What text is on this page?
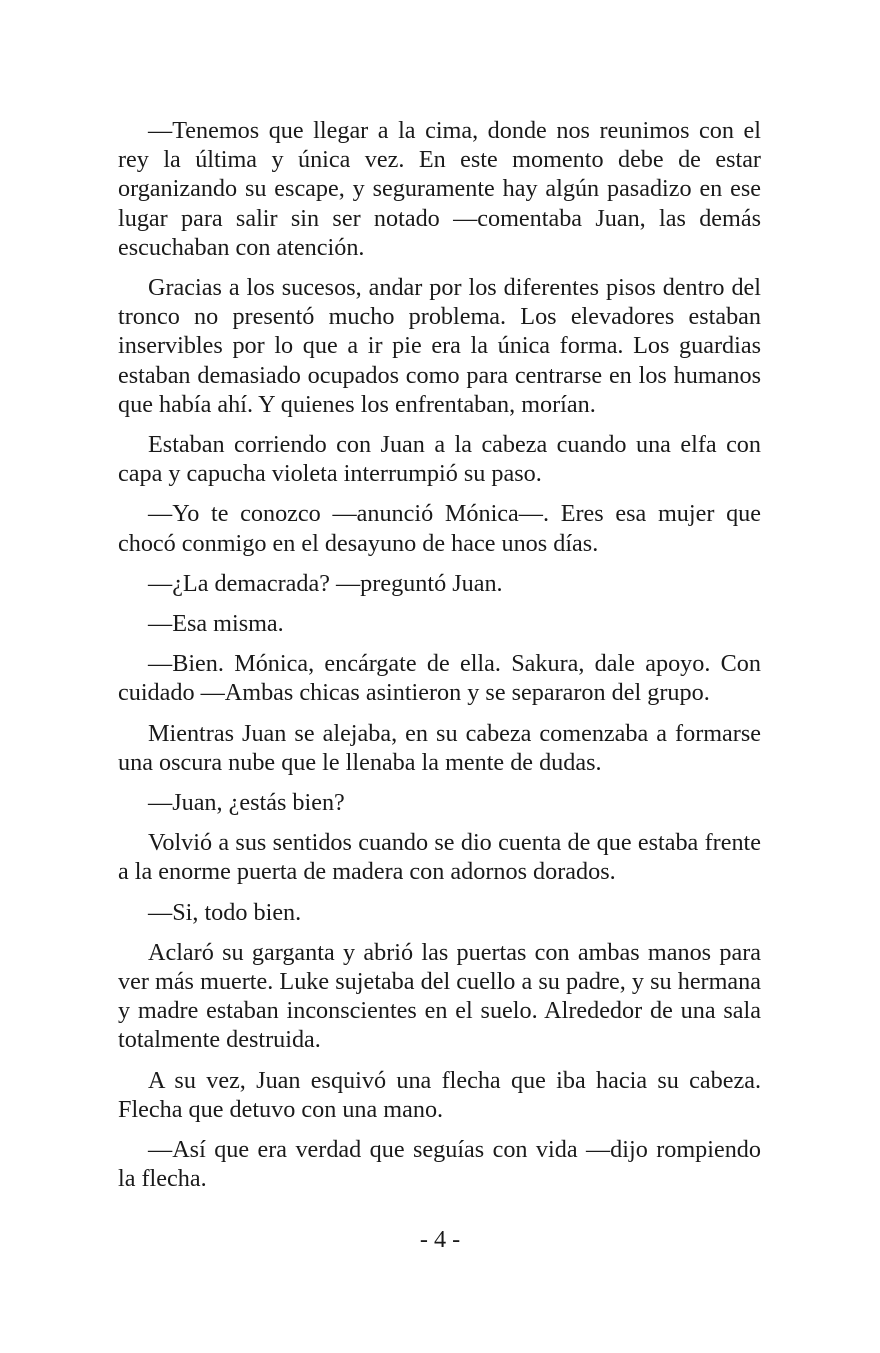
—Tenemos que llegar a la cima, donde nos reunimos con el rey la última y única vez. En este momento debe de estar organizando su escape, y seguramente hay algún pasadizo en ese lugar para salir sin ser notado —comentaba Juan, las demás escuchaban con atención.

Gracias a los sucesos, andar por los diferentes pisos dentro del tronco no presentó mucho problema. Los elevadores estaban inservibles por lo que a ir pie era la única forma. Los guardias estaban demasiado ocupados como para centrarse en los humanos que había ahí. Y quienes los enfrentaban, morían.

Estaban corriendo con Juan a la cabeza cuando una elfa con capa y capucha violeta interrumpió su paso.

—Yo te conozco —anunció Mónica—. Eres esa mujer que chocó conmigo en el desayuno de hace unos días.

—¿La demacrada? —preguntó Juan.

—Esa misma.

—Bien. Mónica, encárgate de ella. Sakura, dale apoyo. Con cuidado —Ambas chicas asintieron y se separaron del grupo.

Mientras Juan se alejaba, en su cabeza comenzaba a formarse una oscura nube que le llenaba la mente de dudas.

—Juan, ¿estás bien?

Volvió a sus sentidos cuando se dio cuenta de que estaba frente a la enorme puerta de madera con adornos dorados.

—Si, todo bien.

Aclaró su garganta y abrió las puertas con ambas manos para ver más muerte. Luke sujetaba del cuello a su padre, y su hermana y madre estaban inconscientes en el suelo. Alrededor de una sala totalmente destruida.

A su vez, Juan esquivó una flecha que iba hacia su cabeza. Flecha que detuvo con una mano.

—Así que era verdad que seguías con vida —dijo rompiendo la flecha.

- 4 -
